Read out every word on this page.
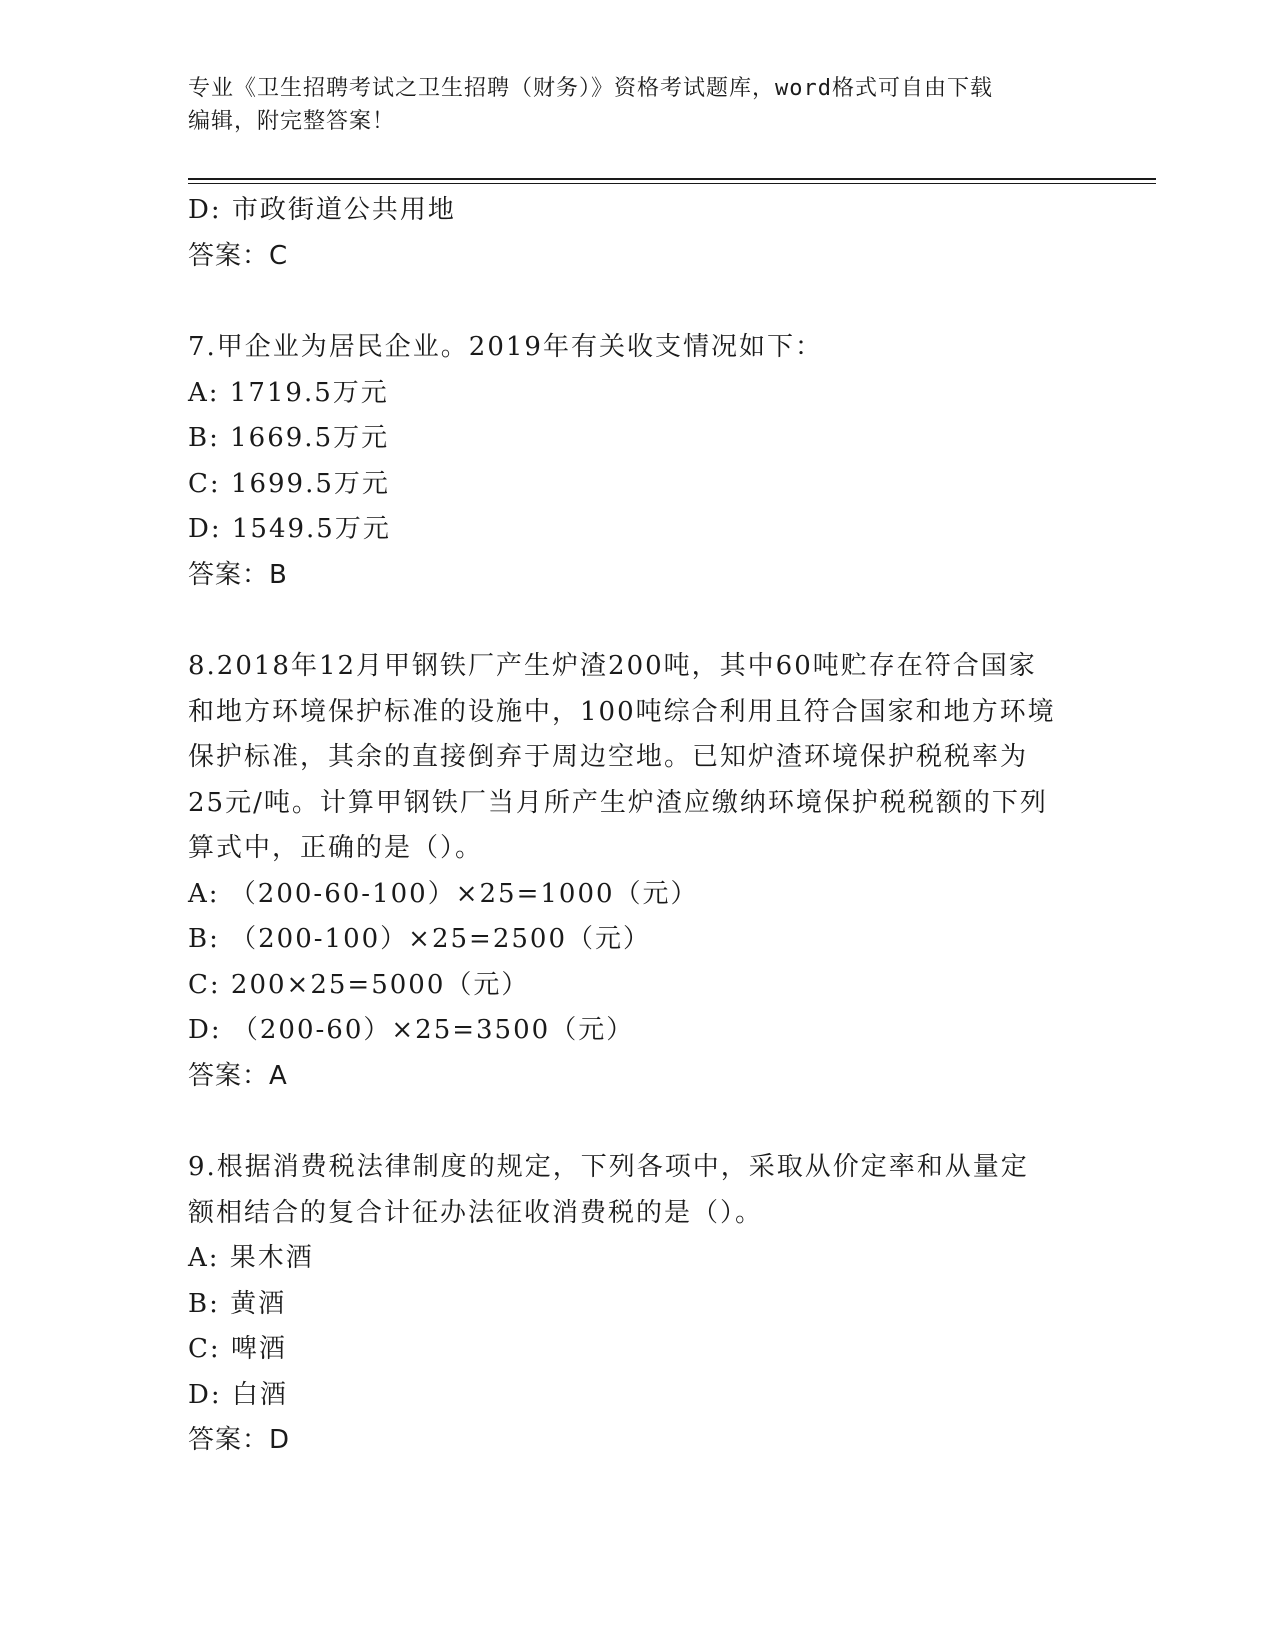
专业《卫生招聘考试之卫生招聘（财务）》资格考试题库，word格式可自由下载
编辑，附完整答案！
D: 市政街道公共用地
答案：C
7.甲企业为居民企业。2019年有关收支情况如下：
A: 1719.5万元
B: 1669.5万元
C: 1699.5万元
D: 1549.5万元
答案：B
8.2018年12月甲钢铁厂产生炉渣200吨，其中60吨贮存在符合国家
和地方环境保护标准的设施中，100吨综合利用且符合国家和地方环境
保护标准，其余的直接倒弃于周边空地。已知炉渣环境保护税税率为
25元/吨。计算甲钢铁厂当月所产生炉渣应缴纳环境保护税税额的下列
算式中，正确的是（）。
A: （200-60-100）×25=1000（元）
B: （200-100）×25=2500（元）
C: 200×25=5000（元）
D: （200-60）×25=3500（元）
答案：A
9.根据消费税法律制度的规定，下列各项中，采取从价定率和从量定
额相结合的复合计征办法征收消费税的是（）。
A: 果木酒
B: 黄酒
C: 啤酒
D: 白酒
答案：D
